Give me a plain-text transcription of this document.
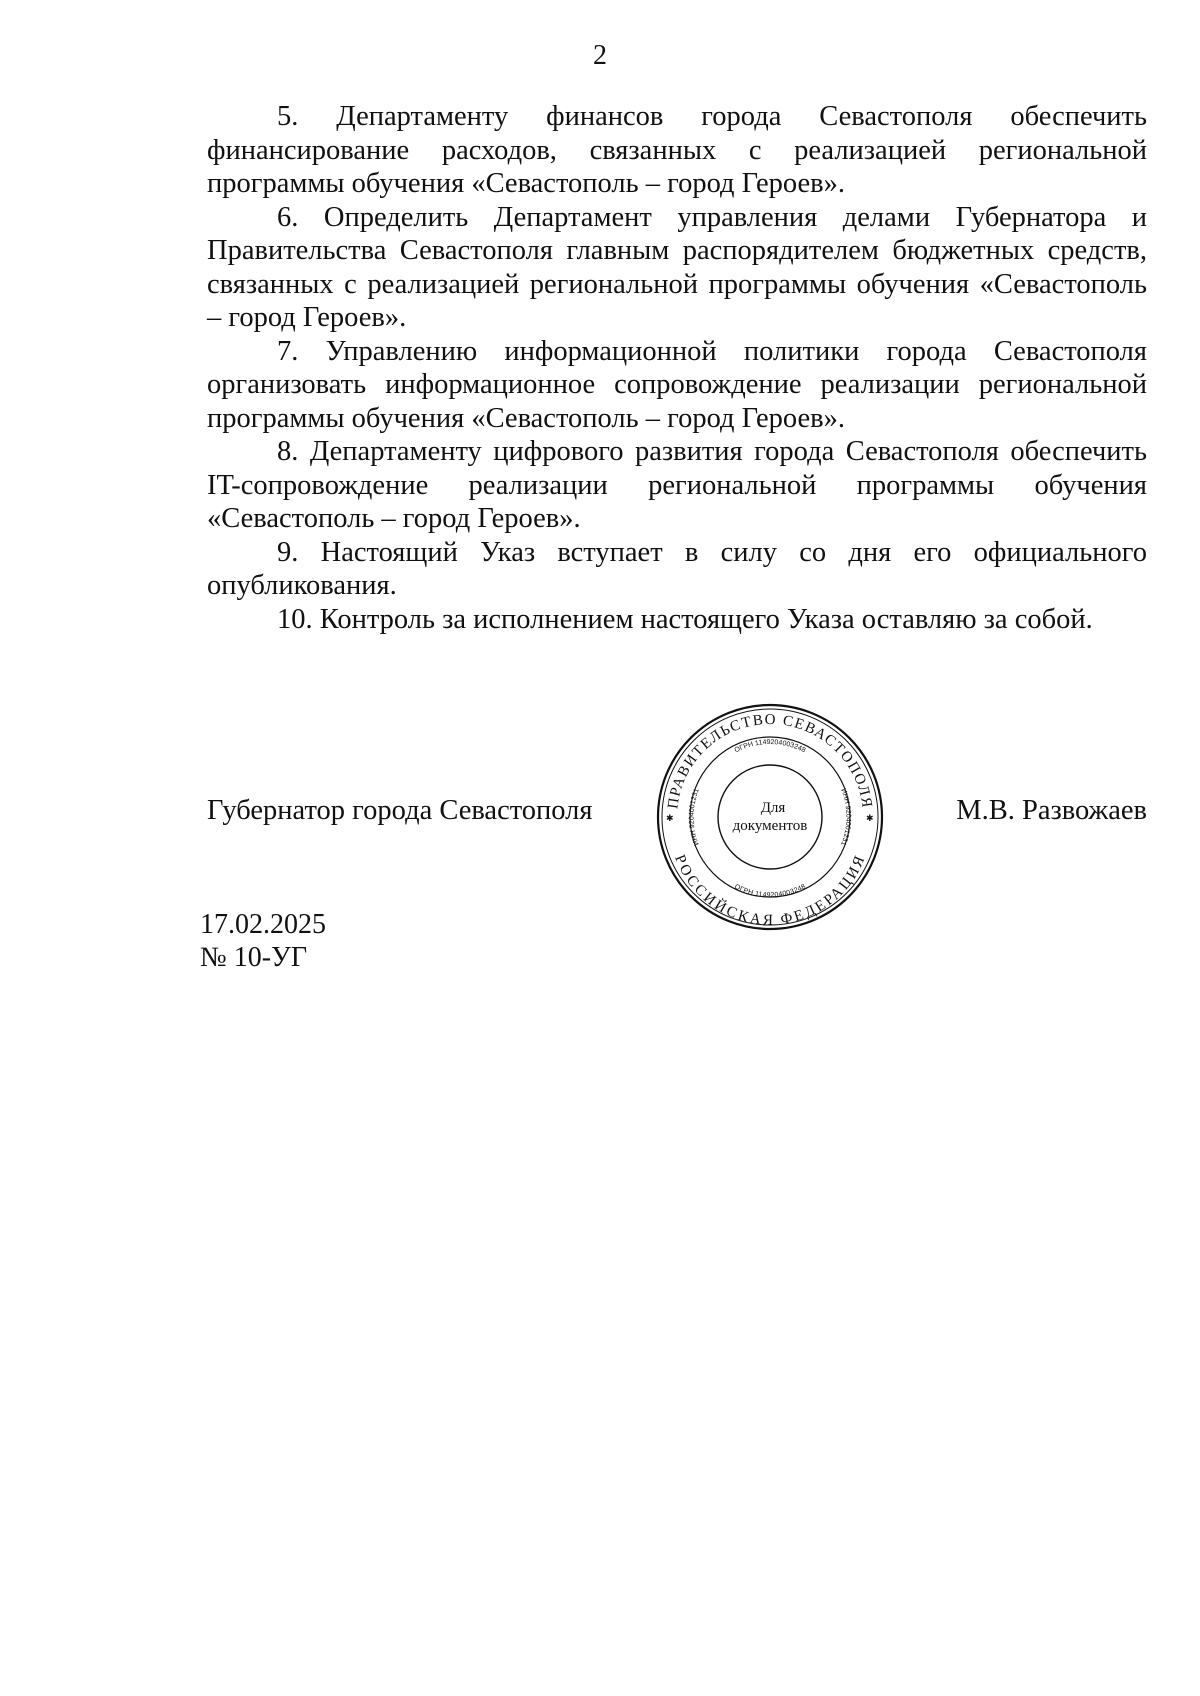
2

5. Департаменту финансов города Севастополя обеспечить финансирование расходов, связанных с реализацией региональной программы обучения «Севастополь – город Героев».

6. Определить Департамент управления делами Губернатора и Правительства Севастополя главным распорядителем бюджетных средств, связанных с реализацией региональной программы обучения «Севастополь – город Героев».

7. Управлению информационной политики города Севастополя организовать информационное сопровождение реализации региональной программы обучения «Севастополь – город Героев».

8. Департаменту цифрового развития города Севастополя обеспечить IT-сопровождение реализации региональной программы обучения «Севастополь – город Героев».

9. Настоящий Указ вступает в силу со дня его официального опубликования.

10. Контроль за исполнением настоящего Указа оставляю за собой.

Губернатор города Севастополя	М.В. Развожаев
ПРАВИТЕЛЬСТВО СЕВАСТОПОЛЯ
РОССИЙСКАЯ ФЕДЕРАЦИЯ
ОГРН 1149204003248
ОГРН 1149204003248
ИНН 9204001231	ИНН 9204001231
Для
документов
✱	✱
17.02.2025
№ 10-УГ
